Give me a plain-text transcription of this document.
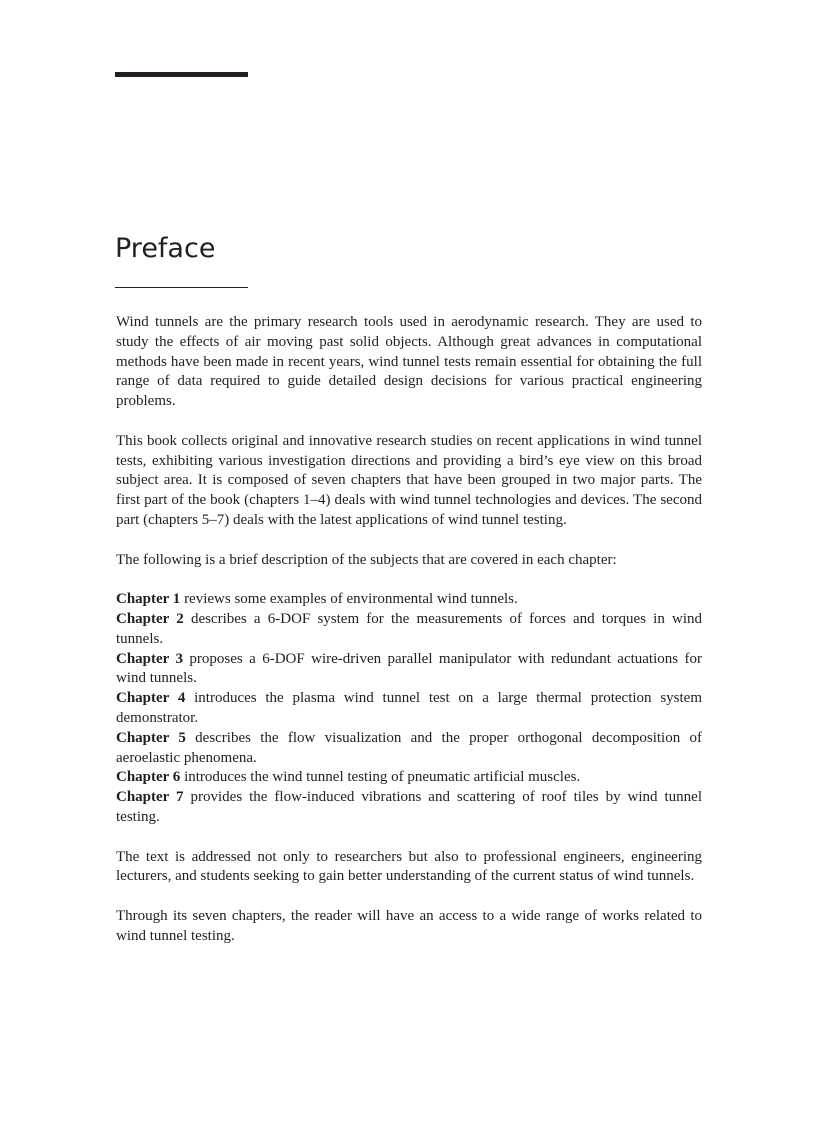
Preface

Wind tunnels are the primary research tools used in aerodynamic research. They are used to study the effects of air moving past solid objects. Although great advances in computational methods have been made in recent years, wind tunnel tests remain essential for obtaining the full range of data required to guide detailed design decisions for various practical engineering problems.

This book collects original and innovative research studies on recent applications in wind tunnel tests, exhibiting various investigation directions and providing a bird’s eye view on this broad subject area. It is composed of seven chapters that have been grouped in two major parts. The first part of the book (chapters 1–4) deals with wind tunnel technologies and devices. The second part (chapters 5–7) deals with the latest applications of wind tunnel testing.

The following is a brief description of the subjects that are covered in each chapter:

Chapter 1 reviews some examples of environmental wind tunnels.
Chapter 2 describes a 6-DOF system for the measurements of forces and torques in wind tunnels.
Chapter 3 proposes a 6-DOF wire-driven parallel manipulator with redundant actuations for wind tunnels.
Chapter 4 introduces the plasma wind tunnel test on a large thermal protection system demonstrator.
Chapter 5 describes the flow visualization and the proper orthogonal decomposition of aeroelastic phenomena.
Chapter 6 introduces the wind tunnel testing of pneumatic artificial muscles.
Chapter 7 provides the flow-induced vibrations and scattering of roof tiles by wind tunnel testing.

The text is addressed not only to researchers but also to professional engineers, engineering lecturers, and students seeking to gain better understanding of the current status of wind tunnels.

Through its seven chapters, the reader will have an access to a wide range of works related to wind tunnel testing.
